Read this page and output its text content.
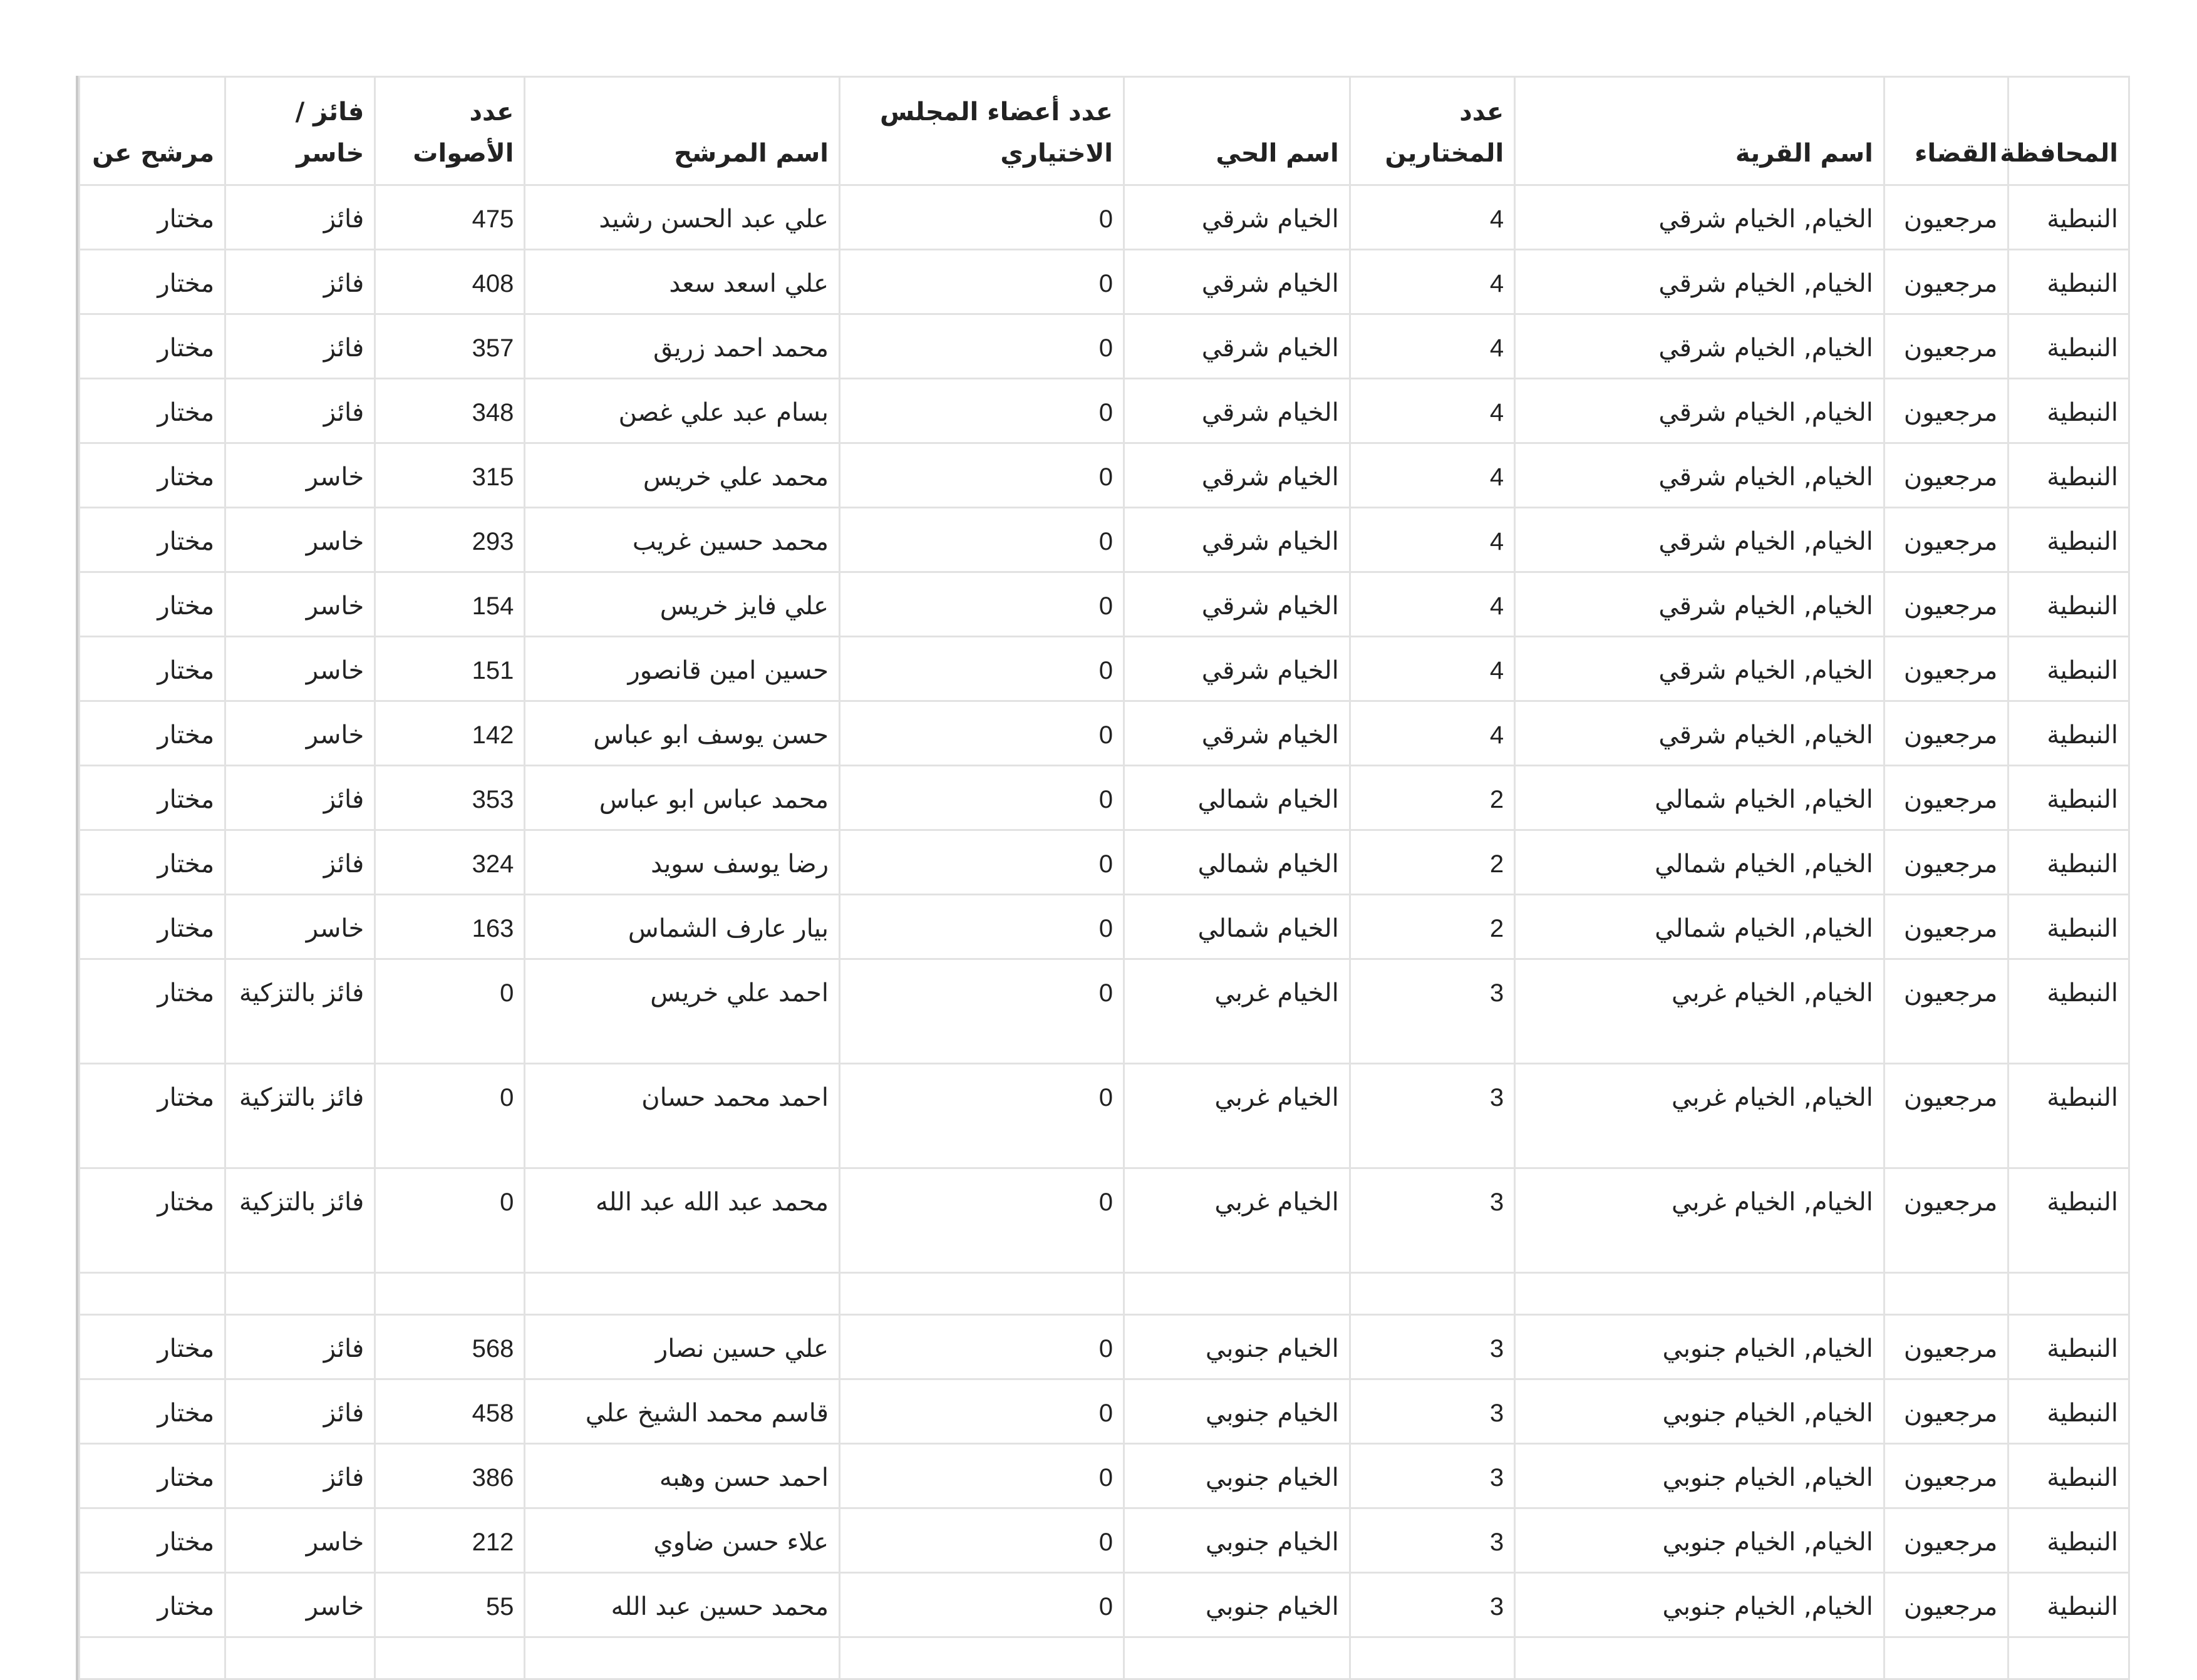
المحافظة	القضاء	اسم القرية	عدد المختارين	اسم الحي	عدد أعضاء المجلس الاختياري	اسم المرشح	عدد الأصوات	فائز / خاسر	مرشح عن
النبطية	مرجعيون	الخيام, الخيام شرقي	4	الخيام شرقي	0	علي عبد الحسن رشيد	475	فائز	مختار
النبطية	مرجعيون	الخيام, الخيام شرقي	4	الخيام شرقي	0	علي اسعد سعد	408	فائز	مختار
النبطية	مرجعيون	الخيام, الخيام شرقي	4	الخيام شرقي	0	محمد احمد زريق	357	فائز	مختار
النبطية	مرجعيون	الخيام, الخيام شرقي	4	الخيام شرقي	0	بسام عبد علي غصن	348	فائز	مختار
النبطية	مرجعيون	الخيام, الخيام شرقي	4	الخيام شرقي	0	محمد علي خريس	315	خاسر	مختار
النبطية	مرجعيون	الخيام, الخيام شرقي	4	الخيام شرقي	0	محمد حسين غريب	293	خاسر	مختار
النبطية	مرجعيون	الخيام, الخيام شرقي	4	الخيام شرقي	0	علي فايز خريس	154	خاسر	مختار
النبطية	مرجعيون	الخيام, الخيام شرقي	4	الخيام شرقي	0	حسين امين قانصور	151	خاسر	مختار
النبطية	مرجعيون	الخيام, الخيام شرقي	4	الخيام شرقي	0	حسن يوسف ابو عباس	142	خاسر	مختار
النبطية	مرجعيون	الخيام, الخيام شمالي	2	الخيام شمالي	0	محمد عباس ابو عباس	353	فائز	مختار
النبطية	مرجعيون	الخيام, الخيام شمالي	2	الخيام شمالي	0	رضا يوسف سويد	324	فائز	مختار
النبطية	مرجعيون	الخيام, الخيام شمالي	2	الخيام شمالي	0	بيار عارف الشماس	163	خاسر	مختار
النبطية	مرجعيون	الخيام, الخيام غربي	3	الخيام غربي	0	احمد علي خريس	0	فائز بالتزكية	مختار
النبطية	مرجعيون	الخيام, الخيام غربي	3	الخيام غربي	0	احمد محمد حسان	0	فائز بالتزكية	مختار
النبطية	مرجعيون	الخيام, الخيام غربي	3	الخيام غربي	0	محمد عبد الله عبد الله	0	فائز بالتزكية	مختار

النبطية	مرجعيون	الخيام, الخيام جنوبي	3	الخيام جنوبي	0	علي حسين نصار	568	فائز	مختار
النبطية	مرجعيون	الخيام, الخيام جنوبي	3	الخيام جنوبي	0	قاسم محمد الشيخ علي	458	فائز	مختار
النبطية	مرجعيون	الخيام, الخيام جنوبي	3	الخيام جنوبي	0	احمد حسن وهبه	386	فائز	مختار
النبطية	مرجعيون	الخيام, الخيام جنوبي	3	الخيام جنوبي	0	علاء حسن ضاوي	212	خاسر	مختار
النبطية	مرجعيون	الخيام, الخيام جنوبي	3	الخيام جنوبي	0	محمد حسين عبد الله	55	خاسر	مختار
